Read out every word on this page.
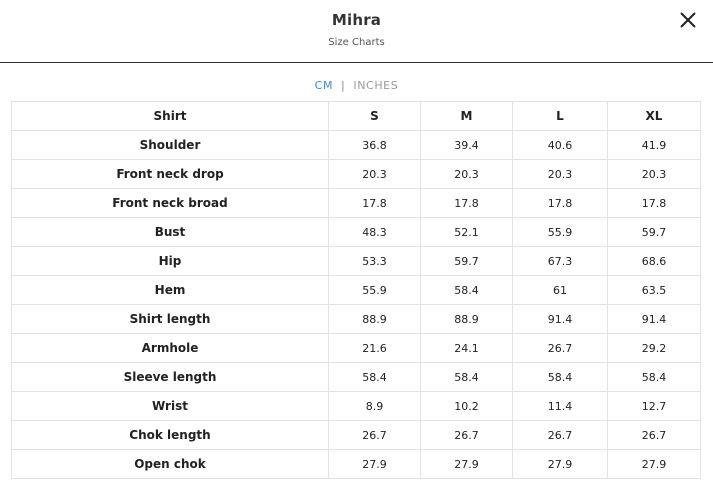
Mihra
Size Charts
CM | INCHES
Shirt	S	M	L	XL
Shoulder	36.8	39.4	40.6	41.9
Front neck drop	20.3	20.3	20.3	20.3
Front neck broad	17.8	17.8	17.8	17.8
Bust	48.3	52.1	55.9	59.7
Hip	53.3	59.7	67.3	68.6
Hem	55.9	58.4	61	63.5
Shirt length	88.9	88.9	91.4	91.4
Armhole	21.6	24.1	26.7	29.2
Sleeve length	58.4	58.4	58.4	58.4
Wrist	8.9	10.2	11.4	12.7
Chok length	26.7	26.7	26.7	26.7
Open chok	27.9	27.9	27.9	27.9
